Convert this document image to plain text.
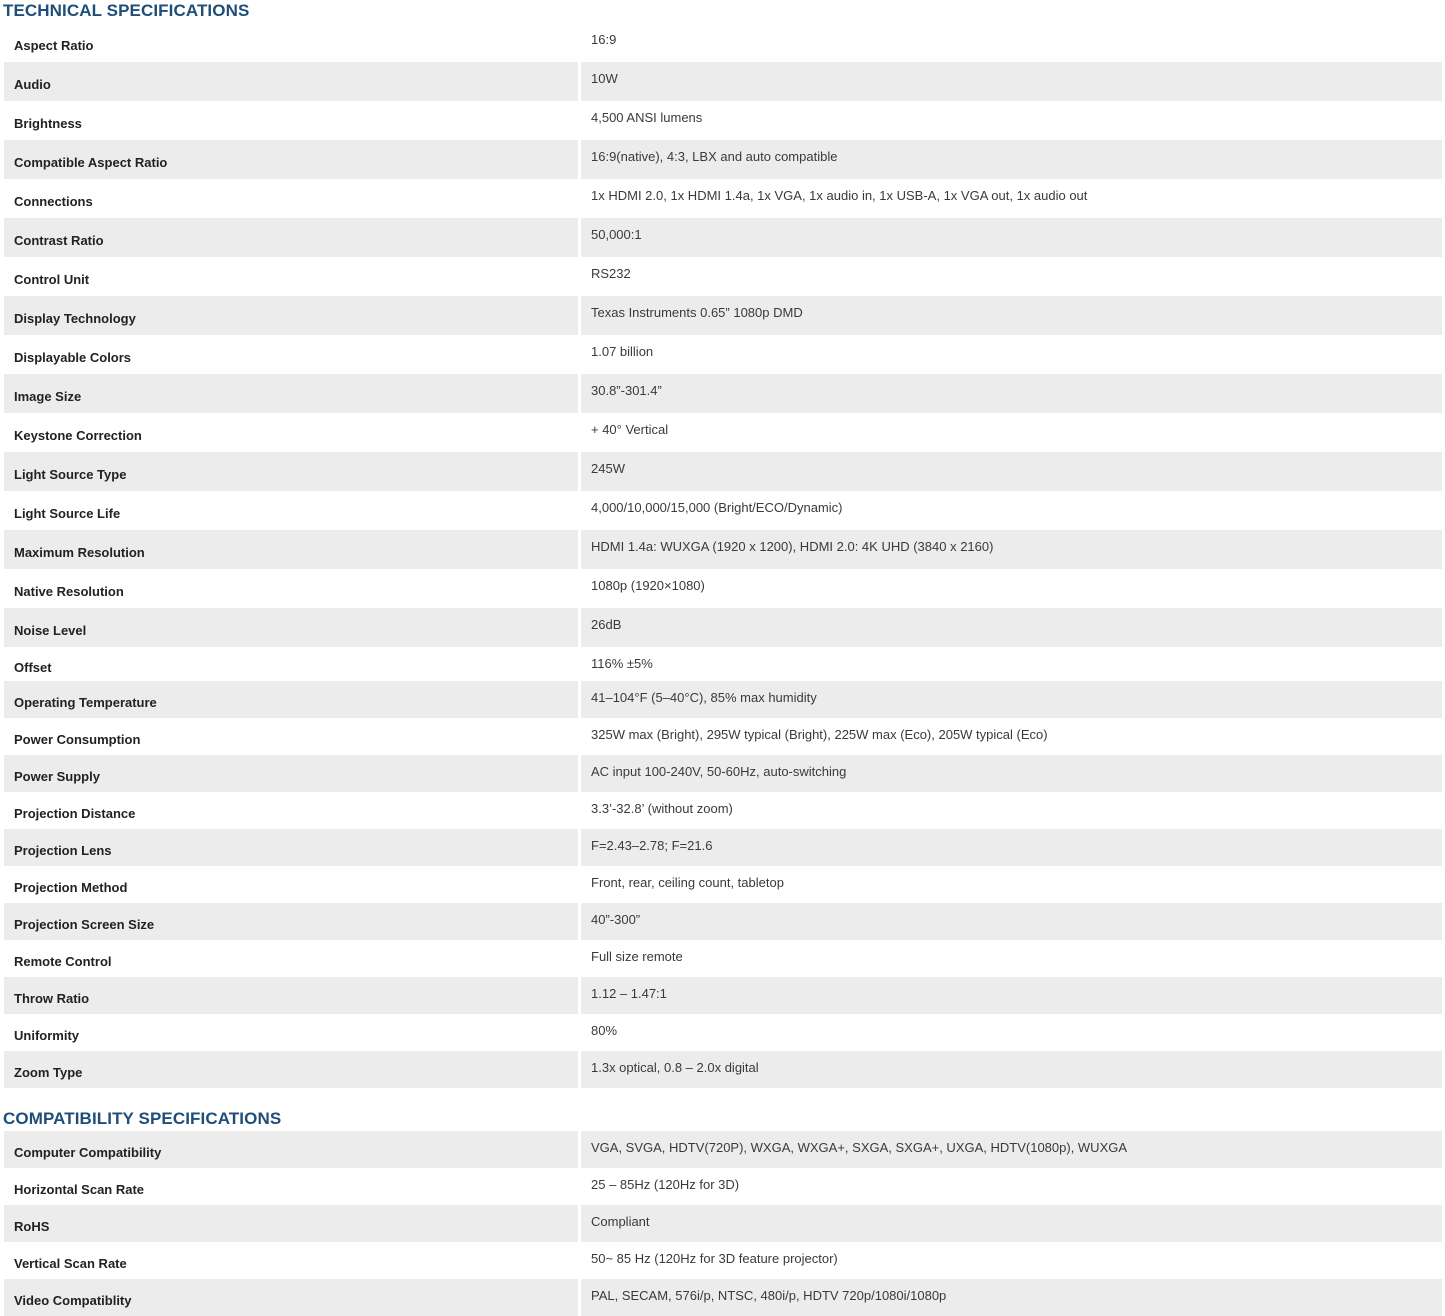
TECHNICAL SPECIFICATIONS
Aspect Ratio	16:9
Audio	10W
Brightness	4,500 ANSI lumens
Compatible Aspect Ratio	16:9(native), 4:3, LBX and auto compatible
Connections	1x HDMI 2.0, 1x HDMI 1.4a, 1x VGA, 1x audio in, 1x USB-A, 1x VGA out, 1x audio out
Contrast Ratio	50,000:1
Control Unit	RS232
Display Technology	Texas Instruments 0.65” 1080p DMD
Displayable Colors	1.07 billion
Image Size	30.8”-301.4”
Keystone Correction	+ 40° Vertical
Light Source Type	245W
Light Source Life	4,000/10,000/15,000 (Bright/ECO/Dynamic)
Maximum Resolution	HDMI 1.4a: WUXGA (1920 x 1200), HDMI 2.0: 4K UHD (3840 x 2160)
Native Resolution	1080p (1920×1080)
Noise Level	26dB
Offset	116% ±5%
Operating Temperature	41–104°F (5–40°C), 85% max humidity
Power Consumption	325W max (Bright), 295W typical (Bright), 225W max (Eco), 205W typical (Eco)
Power Supply	AC input 100-240V, 50-60Hz, auto-switching
Projection Distance	3.3’-32.8’ (without zoom)
Projection Lens	F=2.43–2.78; F=21.6
Projection Method	Front, rear, ceiling count, tabletop
Projection Screen Size	40”-300”
Remote Control	Full size remote
Throw Ratio	1.12 – 1.47:1
Uniformity	80%
Zoom Type	1.3x optical, 0.8 – 2.0x digital
COMPATIBILITY SPECIFICATIONS
Computer Compatibility	VGA, SVGA, HDTV(720P), WXGA, WXGA+, SXGA, SXGA+, UXGA, HDTV(1080p), WUXGA
Horizontal Scan Rate	25 – 85Hz (120Hz for 3D)
RoHS	Compliant
Vertical Scan Rate	50~ 85 Hz (120Hz for 3D feature projector)
Video Compatiblity	PAL, SECAM, 576i/p, NTSC, 480i/p, HDTV 720p/1080i/1080p
